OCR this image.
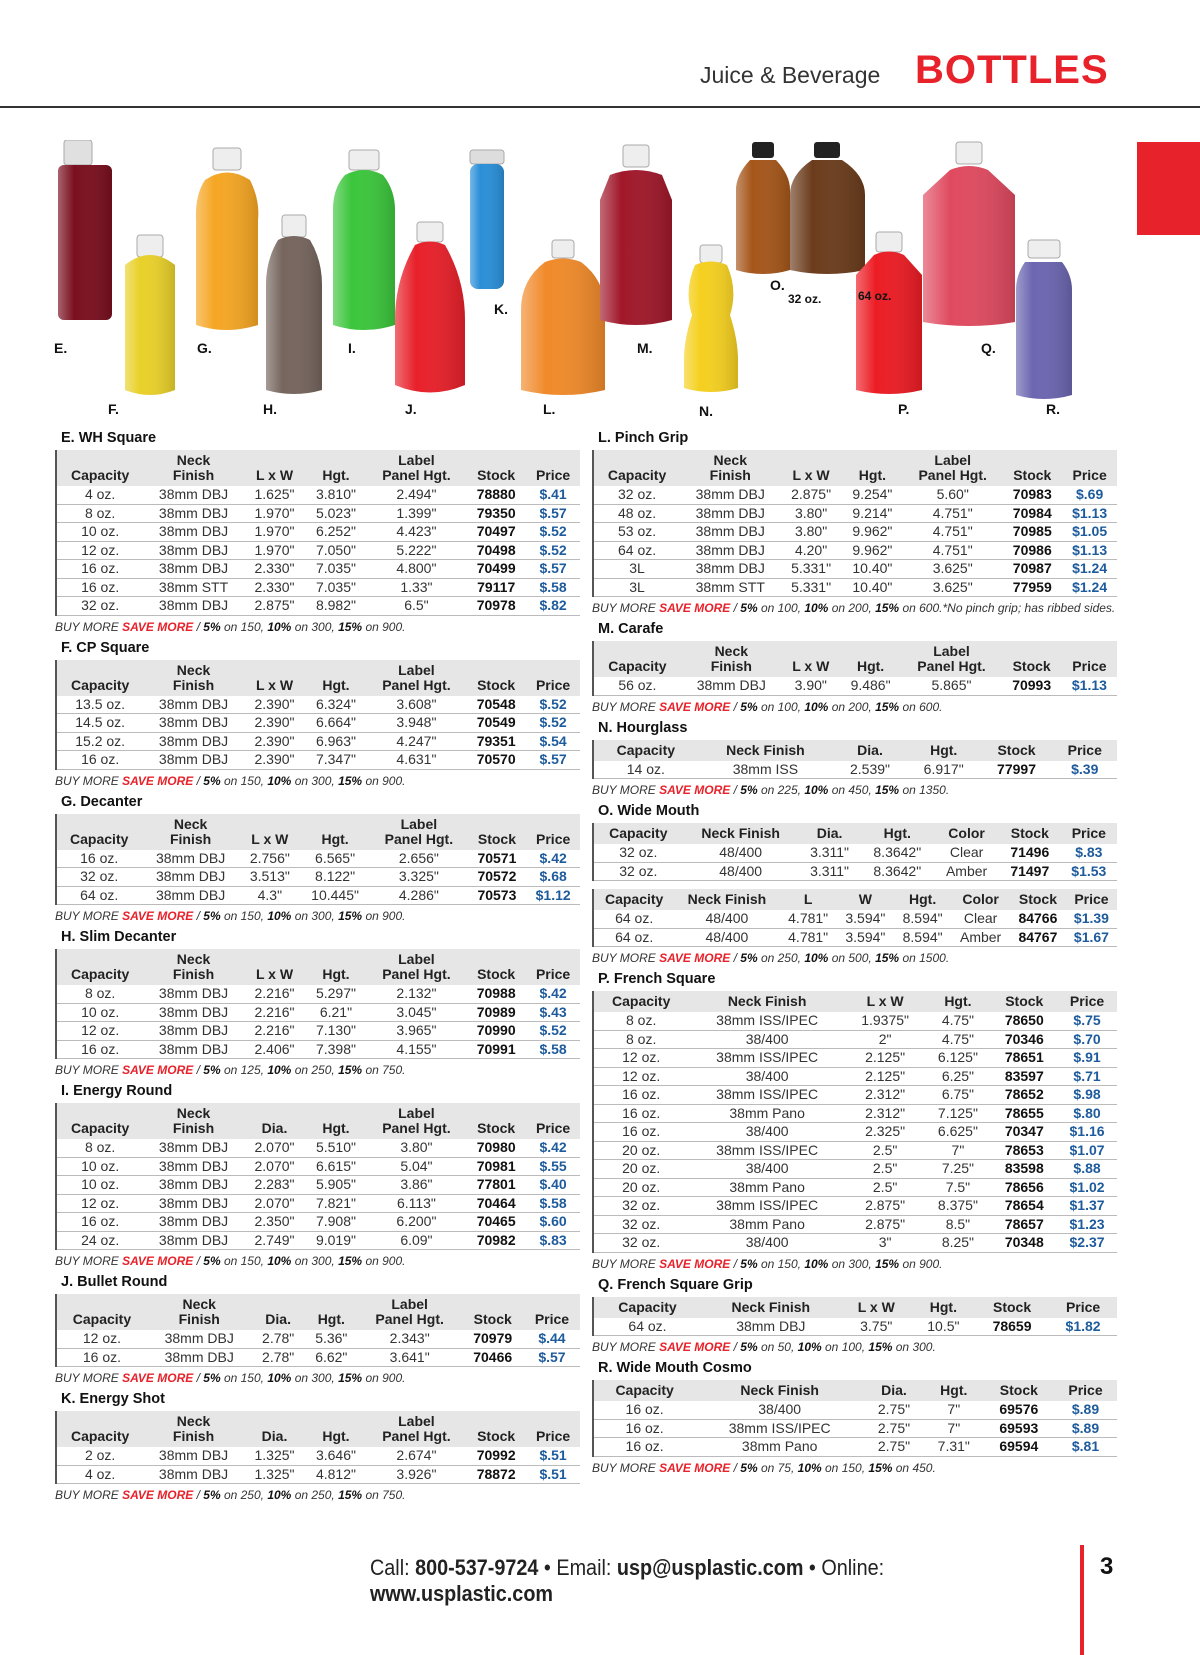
Juice & Beverage BOTTLES
E.
F.
G.
H.
I.
J.
K.
L.
M.
N.
O.
P.
Q.
R.
32 oz.	64 oz.
E. WH Square
	Neck			Label		
Capacity	Finish	L x W	Hgt.	Panel Hgt.	Stock	Price
4 oz.	38mm DBJ	1.625"	3.810"	2.494"	78880	$.41
8 oz.	38mm DBJ	1.970"	5.023"	1.399"	79350	$.57
10 oz.	38mm DBJ	1.970"	6.252"	4.423"	70497	$.52
12 oz.	38mm DBJ	1.970"	7.050"	5.222"	70498	$.52
16 oz.	38mm DBJ	2.330"	7.035"	4.800"	70499	$.57
16 oz.	38mm STT	2.330"	7.035"	1.33"	79117	$.58
32 oz.	38mm DBJ	2.875"	8.982"	6.5"	70978	$.82
BUY MORE SAVE MORE / 5% on 150, 10% on 300, 15% on 900.
F. CP Square
	Neck			Label		
Capacity	Finish	L x W	Hgt.	Panel Hgt.	Stock	Price
13.5 oz.	38mm DBJ	2.390"	6.324"	3.608"	70548	$.52
14.5 oz.	38mm DBJ	2.390"	6.664"	3.948"	70549	$.52
15.2 oz.	38mm DBJ	2.390"	6.963"	4.247"	79351	$.54
16 oz.	38mm DBJ	2.390"	7.347"	4.631"	70570	$.57
BUY MORE SAVE MORE / 5% on 150, 10% on 300, 15% on 900.
G. Decanter
	Neck			Label		
Capacity	Finish	L x W	Hgt.	Panel Hgt.	Stock	Price
16 oz.	38mm DBJ	2.756"	6.565"	2.656"	70571	$.42
32 oz.	38mm DBJ	3.513"	8.122"	3.325"	70572	$.68
64 oz.	38mm DBJ	4.3"	10.445"	4.286"	70573	$1.12
BUY MORE SAVE MORE / 5% on 150, 10% on 300, 15% on 900.
H. Slim Decanter
	Neck			Label		
Capacity	Finish	L x W	Hgt.	Panel Hgt.	Stock	Price
8 oz.	38mm DBJ	2.216"	5.297"	2.132"	70988	$.42
10 oz.	38mm DBJ	2.216"	6.21"	3.045"	70989	$.43
12 oz.	38mm DBJ	2.216"	7.130"	3.965"	70990	$.52
16 oz.	38mm DBJ	2.406"	7.398"	4.155"	70991	$.58
BUY MORE SAVE MORE / 5% on 125, 10% on 250, 15% on 750.
I. Energy Round
	Neck			Label		
Capacity	Finish	Dia.	Hgt.	Panel Hgt.	Stock	Price
8 oz.	38mm DBJ	2.070"	5.510"	3.80"	70980	$.42
10 oz.	38mm DBJ	2.070"	6.615"	5.04"	70981	$.55
10 oz.	38mm DBJ	2.283"	5.905"	3.86"	77801	$.40
12 oz.	38mm DBJ	2.070"	7.821"	6.113"	70464	$.58
16 oz.	38mm DBJ	2.350"	7.908"	6.200"	70465	$.60
24 oz.	38mm DBJ	2.749"	9.019"	6.09"	70982	$.83
BUY MORE SAVE MORE / 5% on 150, 10% on 300, 15% on 900.
J. Bullet Round
	Neck			Label		
Capacity	Finish	Dia.	Hgt.	Panel Hgt.	Stock	Price
12 oz.	38mm DBJ	2.78"	5.36"	2.343"	70979	$.44
16 oz.	38mm DBJ	2.78"	6.62"	3.641"	70466	$.57
BUY MORE SAVE MORE / 5% on 150, 10% on 300, 15% on 900.
K. Energy Shot
	Neck			Label		
Capacity	Finish	Dia.	Hgt.	Panel Hgt.	Stock	Price
2 oz.	38mm DBJ	1.325"	3.646"	2.674"	70992	$.51
4 oz.	38mm DBJ	1.325"	4.812"	3.926"	78872	$.51
BUY MORE SAVE MORE / 5% on 250, 10% on 250, 15% on 750.
L. Pinch Grip
	Neck			Label		
Capacity	Finish	L x W	Hgt.	Panel Hgt.	Stock	Price
32 oz.	38mm DBJ	2.875"	9.254"	5.60"	70983	$.69
48 oz.	38mm DBJ	3.80"	9.214"	4.751"	70984	$1.13
53 oz.	38mm DBJ	3.80"	9.962"	4.751"	70985	$1.05
64 oz.	38mm DBJ	4.20"	9.962"	4.751"	70986	$1.13
3L	38mm DBJ	5.331"	10.40"	3.625"	70987	$1.24
3L	38mm STT	5.331"	10.40"	3.625"	77959	$1.24
BUY MORE SAVE MORE / 5% on 100, 10% on 200, 15% on 600.*No pinch grip; has ribbed sides.
M. Carafe
	Neck			Label		
Capacity	Finish	L x W	Hgt.	Panel Hgt.	Stock	Price
56 oz.	38mm DBJ	3.90"	9.486"	5.865"	70993	$1.13
BUY MORE SAVE MORE / 5% on 100, 10% on 200, 15% on 600.
N. Hourglass
Capacity	Neck Finish	Dia.	Hgt.	Stock	Price
14 oz.	38mm ISS	2.539"	6.917"	77997	$.39
BUY MORE SAVE MORE / 5% on 225, 10% on 450, 15% on 1350.
O. Wide Mouth
Capacity	Neck Finish	Dia.	Hgt.	Color	Stock	Price
32 oz.	48/400	3.311"	8.3642"	Clear	71496	$.83
32 oz.	48/400	3.311"	8.3642"	Amber	71497	$1.53
Capacity	Neck Finish	L	W	Hgt.	Color	Stock	Price
64 oz.	48/400	4.781"	3.594"	8.594"	Clear	84766	$1.39
64 oz.	48/400	4.781"	3.594"	8.594"	Amber	84767	$1.67
BUY MORE SAVE MORE / 5% on 250, 10% on 500, 15% on 1500.
P. French Square
Capacity	Neck Finish	L x W	Hgt.	Stock	Price
8 oz.	38mm ISS/IPEC	1.9375"	4.75"	78650	$.75
8 oz.	38/400	2"	4.75"	70346	$.70
12 oz.	38mm ISS/IPEC	2.125"	6.125"	78651	$.91
12 oz.	38/400	2.125"	6.25"	83597	$.71
16 oz.	38mm ISS/IPEC	2.312"	6.75"	78652	$.98
16 oz.	38mm Pano	2.312"	7.125"	78655	$.80
16 oz.	38/400	2.325"	6.625"	70347	$1.16
20 oz.	38mm ISS/IPEC	2.5"	7"	78653	$1.07
20 oz.	38/400	2.5"	7.25"	83598	$.88
20 oz.	38mm Pano	2.5"	7.5"	78656	$1.02
32 oz.	38mm ISS/IPEC	2.875"	8.375"	78654	$1.37
32 oz.	38mm Pano	2.875"	8.5"	78657	$1.23
32 oz.	38/400	3"	8.25"	70348	$2.37
BUY MORE SAVE MORE / 5% on 150, 10% on 300, 15% on 900.
Q. French Square Grip
Capacity	Neck Finish	L x W	Hgt.	Stock	Price
64 oz.	38mm DBJ	3.75"	10.5"	78659	$1.82
BUY MORE SAVE MORE / 5% on 50, 10% on 100, 15% on 300.
R. Wide Mouth Cosmo
Capacity	Neck Finish	Dia.	Hgt.	Stock	Price
16 oz.	38/400	2.75"	7"	69576	$.89
16 oz.	38mm ISS/IPEC	2.75"	7"	69593	$.89
16 oz.	38mm Pano	2.75"	7.31"	69594	$.81
BUY MORE SAVE MORE / 5% on 75, 10% on 150, 15% on 450.
Call: 800-537-9724 • Email: usp@usplastic.com • Online: www.usplastic.com
3
